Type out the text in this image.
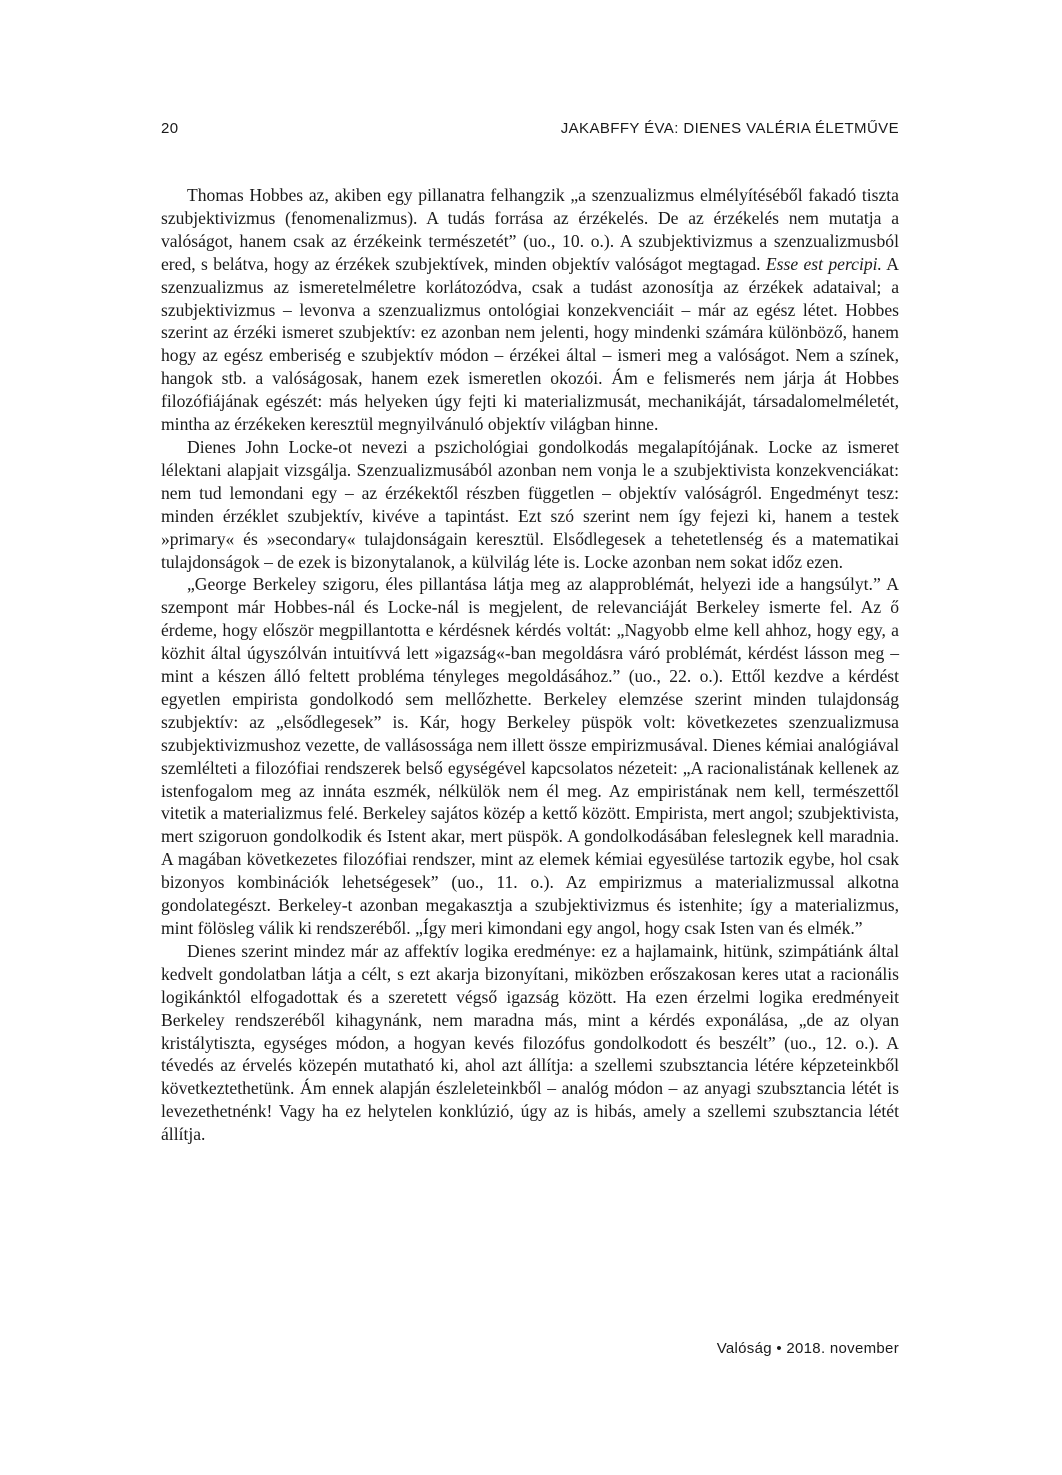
20	JAKABFFY ÉVA: DIENES VALÉRIA ÉLETMŰVE

Thomas Hobbes az, akiben egy pillanatra felhangzik „a szenzualizmus elmélyítéséből fakadó tiszta szubjektivizmus (fenomenalizmus). A tudás forrása az érzékelés. De az érzékelés nem mutatja a valóságot, hanem csak az érzékeink természetét” (uo., 10. o.). A szubjektivizmus a szenzualizmusból ered, s belátva, hogy az érzékek szubjektívek, minden objektív valóságot megtagad. Esse est percipi. A szenzualizmus az ismeretelméletre korlátozódva, csak a tudást azonosítja az érzékek adataival; a szubjektivizmus – levonva a szenzualizmus ontológiai konzekvenciáit – már az egész létet. Hobbes szerint az érzéki ismeret szubjektív: ez azonban nem jelenti, hogy mindenki számára különböző, hanem hogy az egész emberiség e szubjektív módon – érzékei által – ismeri meg a valóságot. Nem a színek, hangok stb. a valóságosak, hanem ezek ismeretlen okozói. Ám e felismerés nem járja át Hobbes filozófiájának egészét: más helyeken úgy fejti ki materializmusát, mechanikáját, társadalomelméletét, mintha az érzékeken keresztül megnyilvánuló objektív világban hinne.

Dienes John Locke-ot nevezi a pszichológiai gondolkodás megalapítójának. Locke az ismeret lélektani alapjait vizsgálja. Szenzualizmusából azonban nem vonja le a szubjektivista konzekvenciákat: nem tud lemondani egy – az érzékektől részben független – objektív valóságról. Engedményt tesz: minden érzéklet szubjektív, kivéve a tapintást. Ezt szó szerint nem így fejezi ki, hanem a testek »primary« és »secondary« tulajdonságain keresztül. Elsődlegesek a tehetetlenség és a matematikai tulajdonságok – de ezek is bizonytalanok, a külvilág léte is. Locke azonban nem sokat időz ezen.

„George Berkeley szigoru, éles pillantása látja meg az alapproblémát, helyezi ide a hangsúlyt.” A szempont már Hobbes-nál és Locke-nál is megjelent, de relevanciáját Berkeley ismerte fel. Az ő érdeme, hogy először megpillantotta e kérdésnek kérdés voltát: „Nagyobb elme kell ahhoz, hogy egy, a közhit által úgyszólván intuitívvá lett »igazság«-ban megoldásra váró problémát, kérdést lásson meg – mint a készen álló feltett probléma tényleges megoldásához.” (uo., 22. o.). Ettől kezdve a kérdést egyetlen empirista gondolkodó sem mellőzhette. Berkeley elemzése szerint minden tulajdonság szubjektív: az „elsődlegesek” is. Kár, hogy Berkeley püspök volt: következetes szenzualizmusa szubjektivizmushoz vezette, de vallásossága nem illett össze empirizmusával. Dienes kémiai analógiával szemlélteti a filozófiai rendszerek belső egységével kapcsolatos nézeteit: „A racionalistának kellenek az istenfogalom meg az innáta eszmék, nélkülök nem él meg. Az empiristának nem kell, természettől vitetik a materializmus felé. Berkeley sajátos közép a kettő között. Empirista, mert angol; szubjektivista, mert szigoruon gondolkodik és Istent akar, mert püspök. A gondolkodásában feleslegnek kell maradnia. A magában következetes filozófiai rendszer, mint az elemek kémiai egyesülése tartozik egybe, hol csak bizonyos kombinációk lehetségesek” (uo., 11. o.). Az empirizmus a materializmussal alkotna gondolategészt. Berkeley-t azonban megakasztja a szubjektivizmus és istenhite; így a materializmus, mint fölösleg válik ki rendszeréből. „Így meri kimondani egy angol, hogy csak Isten van és elmék.”

Dienes szerint mindez már az affektív logika eredménye: ez a hajlamaink, hitünk, szimpátiánk által kedvelt gondolatban látja a célt, s ezt akarja bizonyítani, miközben erőszakosan keres utat a racionális logikánktól elfogadottak és a szeretett végső igazság között. Ha ezen érzelmi logika eredményeit Berkeley rendszeréből kihagynánk, nem maradna más, mint a kérdés exponálása, „de az olyan kristálytiszta, egységes módon, a hogyan kevés filozófus gondolkodott és beszélt” (uo., 12. o.). A tévedés az érvelés közepén mutatható ki, ahol azt állítja: a szellemi szubsztancia létére képzeteinkből következtethetünk. Ám ennek alapján észleleteinkből – analóg módon – az anyagi szubsztancia létét is levezethetnénk! Vagy ha ez helytelen konklúzió, úgy az is hibás, amely a szellemi szubsztancia létét állítja.

Valóság • 2018. november
